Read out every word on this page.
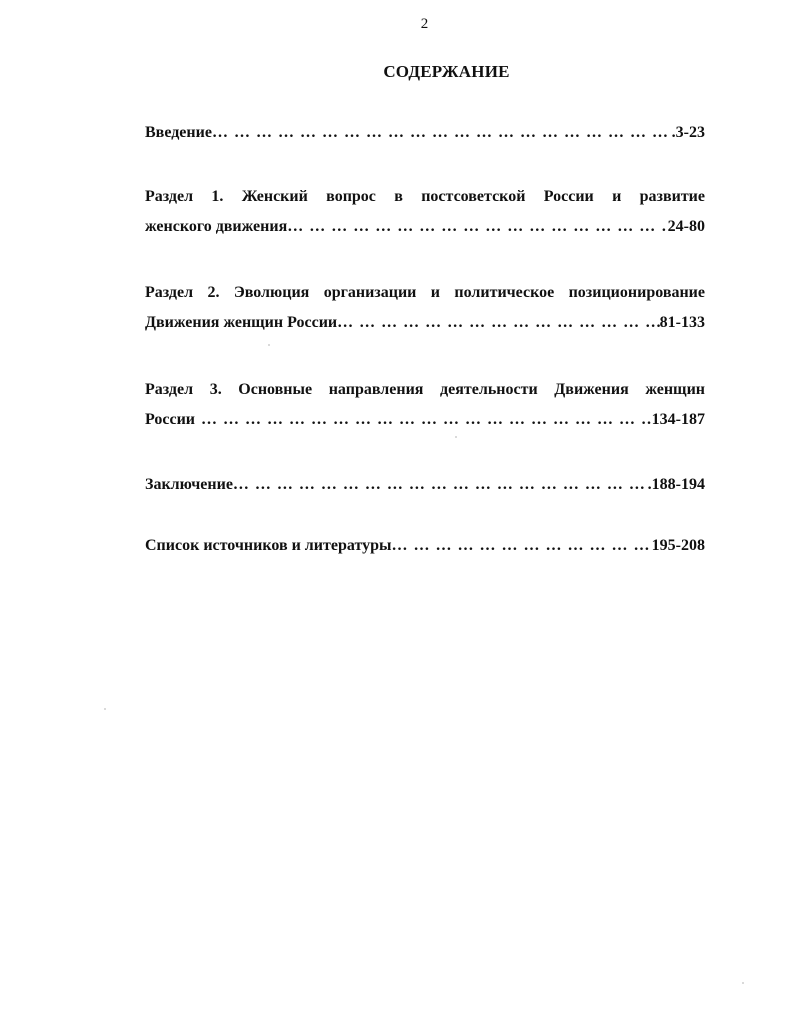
2
СОДЕРЖАНИЕ
Введение … … … … … … … … … … … … … … … … … … … … … … … … … … … … … … … … … … … … … … … … … … … … … … … … … … … … … … … … … … … … … … … … … … … … … … … … … …	.3-23
Раздел 1. Женский вопрос в постсоветской России и развитие
женского движения … … … … … … … … … … … … … … … … … … … … … … … … … … … … … … … … … … … … … … … … … … … … … … … … … … … … … … … … … … … … … … … … … … … … … … … … … …	24-80
Раздел 2. Эволюция организации и политическое позиционирование
Движения женщин России … … … … … … … … … … … … … … … … … … … … … … … … … … … … … … … … … … … … … … … … … … … … … … … … … … … … … … … … … … … … … … … … … … … … … … … … … …	81-133
Раздел 3. Основные направления деятельности Движения женщин
России … … … … … … … … … … … … … … … … … … … … … … … … … … … … … … … … … … … … … … … … … … … … … … … … … … … … … … … … … … … … … … … … … … … … … … … … … …	134-187
Заключение … … … … … … … … … … … … … … … … … … … … … … … … … … … … … … … … … … … … … … … … … … … … … … … … … … … … … … … … … … … … … … … … … … … … … … … … … …	.188-194
Список источников и литературы … … … … … … … … … … … … … … … … … … … … … … … … … … … … … … … … … … … … … … … … … … … … … … … … … … … … … … … … … … … … … … … … … … … … … … … … … …	195-208
